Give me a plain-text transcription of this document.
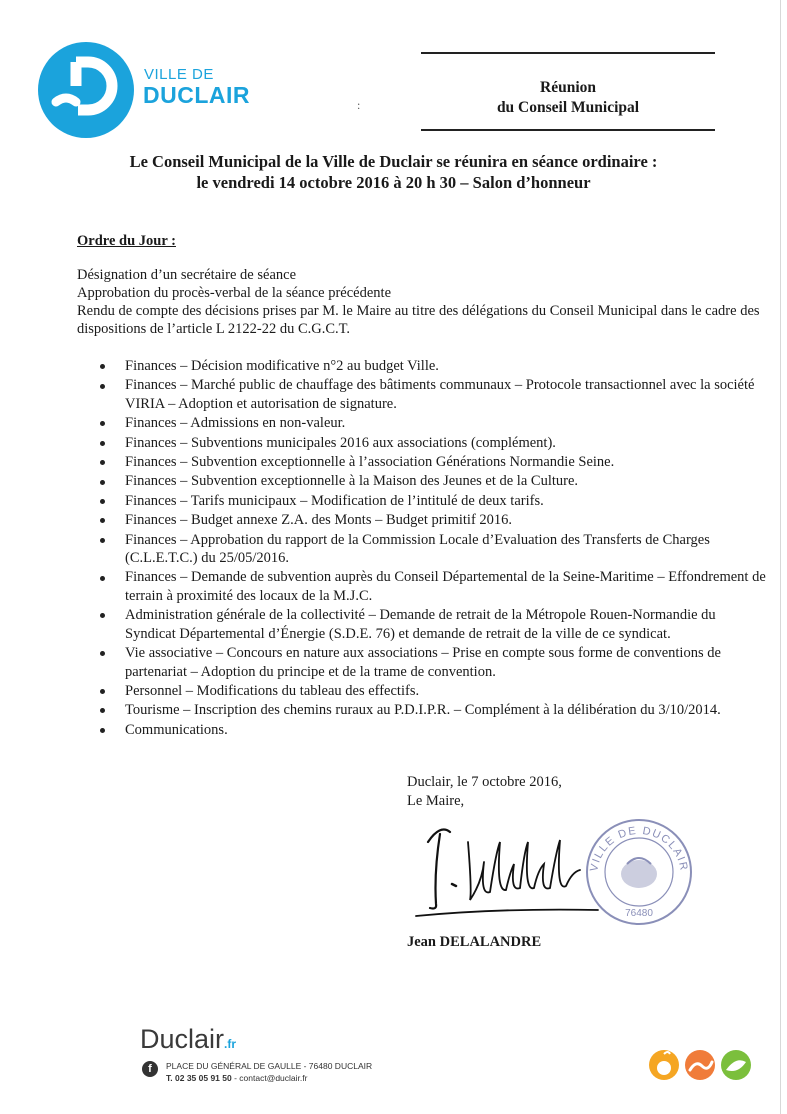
VILLE DE
DUCLAIR	Réunion
du Conseil Municipal
:
Le Conseil Municipal de la Ville de Duclair se réunira en séance ordinaire :
le vendredi 14 octobre 2016 à 20 h 30 – Salon d’honneur
Ordre du Jour :
Désignation d’un secrétaire de séance
Approbation du procès-verbal de la séance précédente
Rendu de compte des décisions prises par M. le Maire au titre des délégations du Conseil Municipal dans le cadre des dispositions de l’article L 2122-22 du C.G.C.T.
Finances – Décision modificative n°2 au budget Ville.
Finances – Marché public de chauffage des bâtiments communaux – Protocole transactionnel avec la société VIRIA – Adoption et autorisation de signature.
Finances – Admissions en non-valeur.
Finances – Subventions municipales 2016 aux associations (complément).
Finances – Subvention exceptionnelle à l’association Générations Normandie Seine.
Finances – Subvention exceptionnelle à la Maison des Jeunes et de la Culture.
Finances – Tarifs municipaux – Modification de l’intitulé de deux tarifs.
Finances – Budget annexe Z.A. des Monts – Budget primitif 2016.
Finances – Approbation du rapport de la Commission Locale d’Evaluation des Transferts de Charges (C.L.E.T.C.) du 25/05/2016.
Finances – Demande de subvention auprès du Conseil Départemental de la Seine-Maritime – Effondrement de terrain à proximité des locaux de la M.J.C.
Administration générale de la collectivité – Demande de retrait de la Métropole Rouen-Normandie du Syndicat Départemental d’Énergie (S.D.E. 76) et demande de retrait de la ville de ce syndicat.
Vie associative – Concours en nature aux associations – Prise en compte sous forme de conventions de partenariat – Adoption du principe et de la trame de convention.
Personnel – Modifications du tableau des effectifs.
Tourisme – Inscription des chemins ruraux au P.D.I.P.R. – Complément à la délibération du 3/10/2014.
Communications.
Duclair, le 7 octobre 2016,
Le Maire,
VILLE DE DUCLAIR
76480
Jean DELALANDRE
Duclair.fr
f	PLACE DU GÉNÉRAL DE GAULLE - 76480 DUCLAIR
T. 02 35 05 91 50 - contact@duclair.fr
